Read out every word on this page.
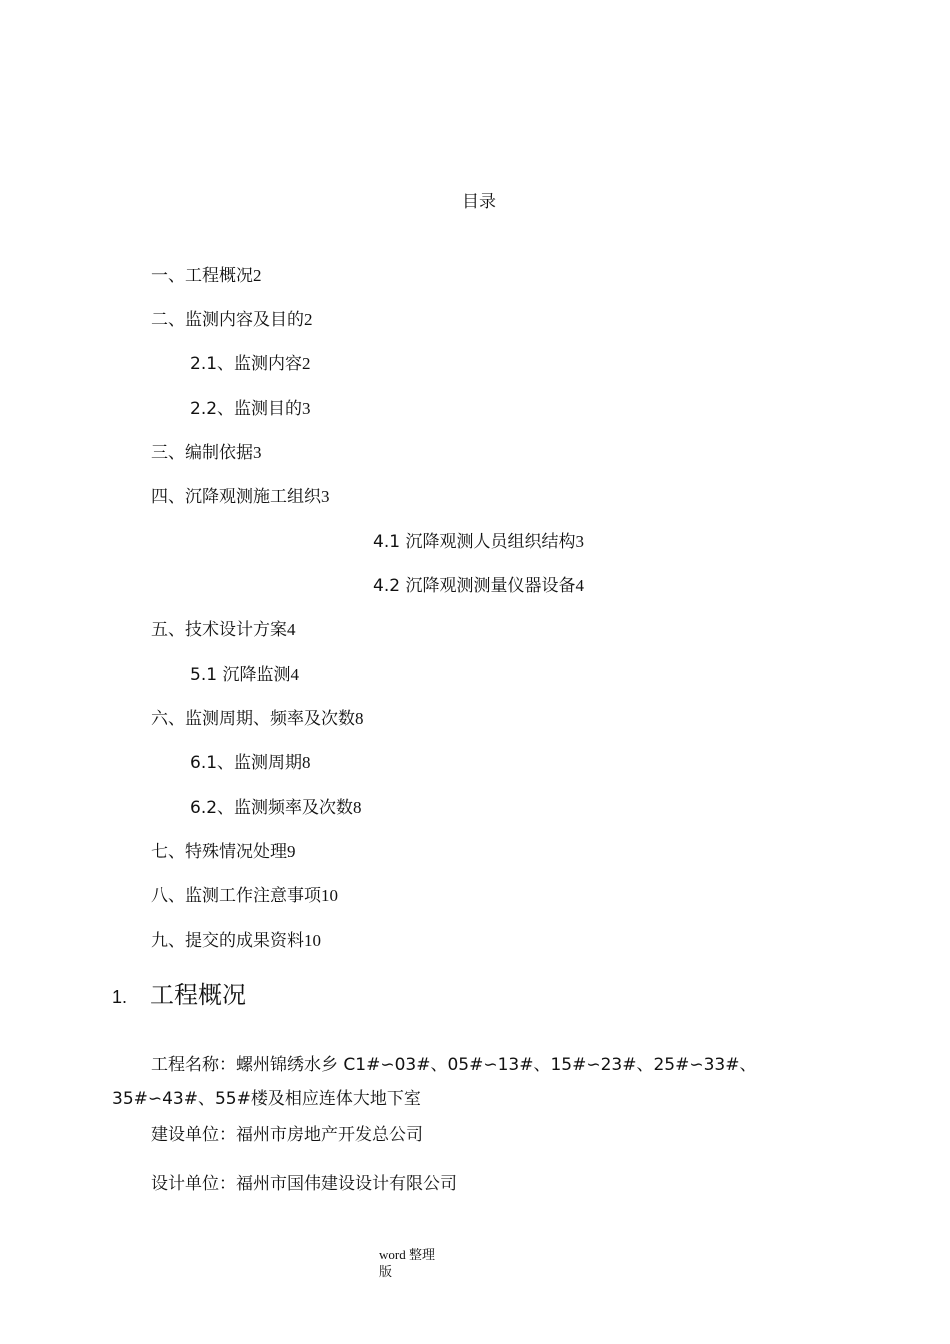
目录
一、工程概况2
二、监测内容及目的2
2.1、监测内容2
2.2、监测目的3
三、编制依据3
四、沉降观测施工组织3
4.1 沉降观测人员组织结构3
4.2 沉降观测测量仪器设备4
五、技术设计方案4
5.1 沉降监测4
六、监测周期、频率及次数8
6.1、监测周期8
6.2、监测频率及次数8
七、特殊情况处理9
八、监测工作注意事项10
九、提交的成果资料10
1. 工程概况
工程名称：螺州锦绣水乡 C1#∽03#、05#∽13#、15#∽23#、25#∽33#、35#∽43#、55#楼及相应连体大地下室
建设单位：福州市房地产开发总公司
设计单位：福州市国伟建设设计有限公司
word 整理版
